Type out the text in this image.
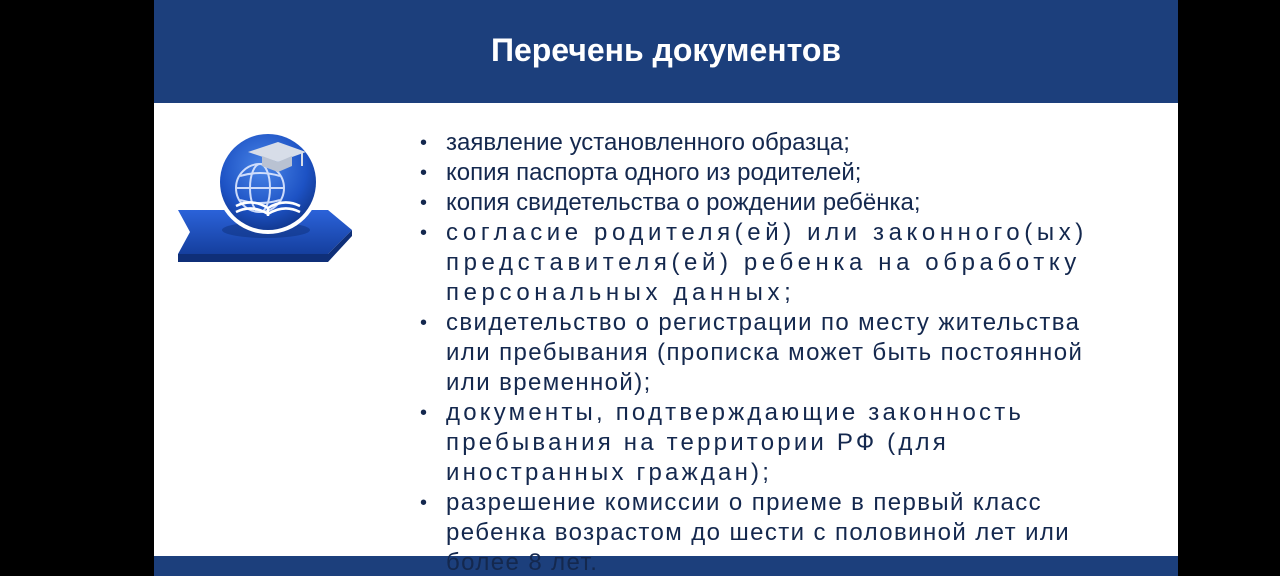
Перечень документов
• заявление установленного образца;
• копия паспорта одного из родителей;
• копия свидетельства о рождении ребёнка;
• согласие родителя(ей) или законного(ых) представителя(ей) ребенка на обработку персональных данных;
• свидетельство о регистрации по месту жительства или пребывания (прописка может быть постоянной или временной);
• документы, подтверждающие законность пребывания на территории РФ (для иностранных граждан);
• разрешение комиссии о приеме в первый класс ребенка возрастом до шести с половиной лет или более 8 лет.
